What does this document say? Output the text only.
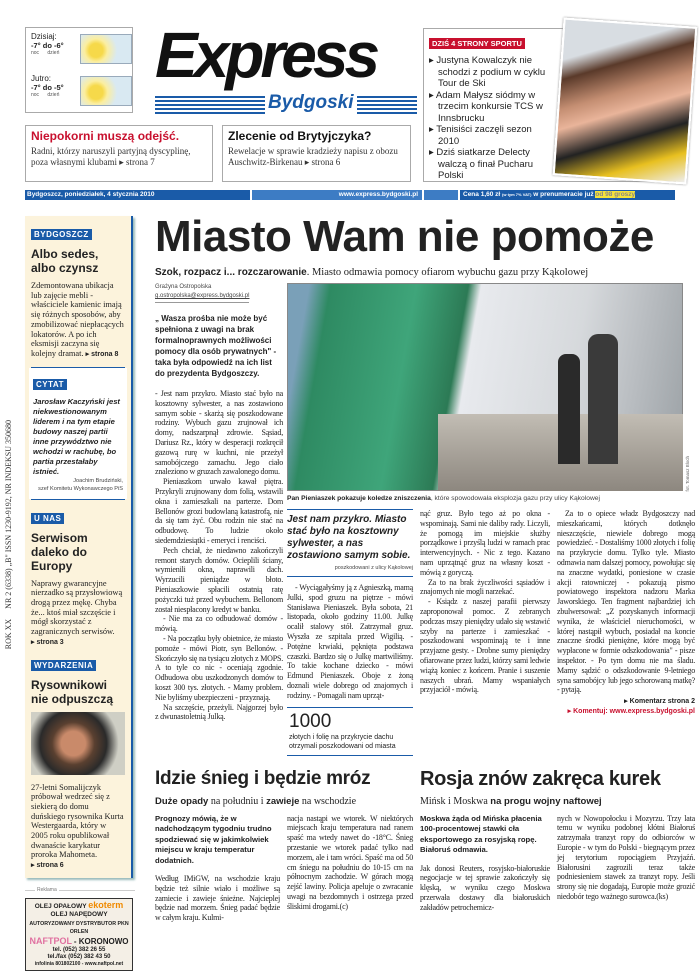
Dzisiaj:
-7° do -6°
noc dzień
Jutro:
-7° do -5°
noc dzień
Express
Bydgoski
Niepokorni muszą odejść.
Radni, którzy naruszyli partyjną dyscyplinę, poza własnymi klubami ▸ strona 7
Zlecenie od Brytyjczyka?
Rewelacje w sprawie kradzieży napisu z obozu Auschwitz-Birkenau ▸ strona 6
DZIŚ 4 STRONY SPORTU
▸ Justyna Kowalczyk nie schodzi z podium w cyklu Tour de Ski
▸ Adam Małysz siódmy w trzecim konkursie TCS w Innsbrucku
▸ Tenisiści zaczęli sezon 2010
▸ Dziś siatkarze Delecty walczą o finał Pucharu Polski
Bydgoszcz, poniedziałek, 4 stycznia 2010	www.express.bydgoski.pl	Cena 1,60 zł (w tym 7% VAT) w prenumeracie już od 98 groszy
ROK XX     NR 2 (6338) „B" ISSN 1230-9192, NR INDEKSU 350680
BYDGOSZCZ
Albo sedes, albo czynsz

Zdemontowana ubikacja lub zajęcie mebli - właściciele kamienic imają się różnych sposobów, aby zmobilizować niepłacących lokatorów. A po ich eksmisji zaczyna się kolejny dramat. ▸ strona 8

CYTAT

Jarosław Kaczyński jest niekwestionowanym liderem i na tym etapie budowy naszej partii inne przywództwo nie wchodzi w rachubę, bo partia przestałaby istnieć.

Joachim Brudziński,
szef Komitetu Wykonawczego PiS
U NAS
Serwisom daleko do Europy

Naprawy gwarancyjne nierzadko są przysłowiową drogą przez mękę. Chyba że... ktoś miał szczęście i mógł skorzystać z zagranicznych serwisów. ▸ strona 3

WYDARZENIA
Rysownikowi nie odpuszczą

27-letni Somalijczyk próbował wedrzeć się z siekierą do domu duńskiego rysownika Kurta Westergaarda, który w 2005 roku opublikował dwanaście karykatur proroka Mahometa. ▸ strona 6

Reklama
OLEJ OPAŁOWY ekoterm
OLEJ NAPĘDOWY
AUTORYZOWANY DYSTRYBUTOR PKN ORLEN
NAFTPOL - KORONOWO
tel. (052) 382 26 55
tel./fax (052) 382 43 50
infolinia 801802100 - www.naftpol.net
Miasto Wam nie pomoże
Szok, rozpacz i... rozczarowanie. Miasto odmawia pomocy ofiarom wybuchu gazu przy Kąkolowej
Grażyna Ostropolska
g.ostropolska@express.bydgoski.pl
„ Wasza prośba nie może być spełniona z uwagi na brak formalnoprawnych możliwości pomocy dla osób prywatnych" - taka była odpowiedź na ich list do prezydenta Bydgoszczy.

- Jest nam przykro. Miasto stać było na kosztowny sylwester, a nas zostawiono samym sobie - skarżą się poszkodowane rodziny. Wybuch gazu zrujnował ich domy, nadszarpnął zdrowie. Sąsiad, Dariusz Rz., który w desperacji rozkręcił gazową rurę w kuchni, nie przeżył samobójczego zamachu. Jego ciało znaleziono w gruzach zawalonego domu.

Pieniaszkom urwało kawał piętra. Przykryli zrujnowany dom folią, wstawili okna i zamieszkali na parterze. Dom Bellonów grozi budowlaną katastrofą, nie da się tam żyć. Obu rodzin nie stać na odbudowę. To ludzie około siedemdziesiątki - emeryci i renciści.

Pech chciał, że niedawno zakończyli remont starych domów. Ocieplili ściany, wymienili okna, naprawili dach. Wyrzucili pieniądze w błoto. Pieniaszkowie spłacili ostatnią ratę pożyczki tuż przed wybuchem. Bellonom został niespłacony kredyt w banku.

- Nie ma za co odbudować domów - mówią.

- Na początku były obietnice, że miasto pomoże - mówi Piotr, syn Bellonów. - Skończyło się na tysiącu złotych z MOPS. A to tyle co nic - oceniają zgodnie. Odbudowa obu uszkodzonych domów to koszt 300 tys. złotych. - Mamy problem. Nie byliśmy ubezpieczeni - przyznają.

Na szczęście, przeżyli. Najgorzej było z dwunastoletnią Julką.

fot. Tomasz Bloch
Pan Pieniaszek pokazuje koledze zniszczenia, które spowodowała eksplozja gazu przy ulicy Kąkolowej
Jest nam przykro. Miasto stać było na kosztowny sylwester, a nas zostawiono samym sobie.
poszkodowani z ulicy Kąkolowej

- Wyciągałyśmy ją z Agnieszką, mamą Julki, spod gruzu na piętrze - mówi Stanisława Pieniaszek. Była sobota, 21 listopada, około godziny 11.00. Julkę ocalił stalowy stół. Zatrzymał gruz. Wyszła ze szpitala przed Wigilią. - Potężne krwiaki, pęknięta podstawa czaszki. Bardzo się o Julkę martwiliśmy. To takie kochane dziecko - mówi Edmund Pieniaszek. Oboje z żoną doznali wiele dobrego od znajomych i rodziny. - Pomagali nam uprząt-

1000
złotych i folię na przykrycie dachu otrzymali poszkodowani od miasta

nąć gruz. Było tego aż po okna - wspominają. Sami nie daliby rady. Liczyli, że pomogą im miejskie służby porządkowe i przyślą ludzi w ramach prac interwencyjnych. - Nic z tego. Kazano nam uprzątnąć gruz na własny koszt - mówią z goryczą.

Za to na brak życzliwości sąsiadów i znajomych nie mogli narzekać.

- Ksiądz z naszej parafii pierwszy zaproponował pomoc. Z zebranych podczas mszy pieniędzy udało się wstawić szyby na parterze i zamieszkać - poszkodowani wspominają te i inne przyjazne gesty. - Drobne sumy pieniędzy ofiarowane przez ludzi, którzy sami ledwie wiążą koniec z końcem. Pranie i suszenie naszych ubrań. Mamy wspaniałych przyjaciół - mówią.

Za to o opiece władz Bydgoszczy nad mieszkańcami, których dotknęło nieszczęście, niewiele dobrego mogą powiedzieć. - Dostaliśmy 1000 złotych i folię na przykrycie domu. Tylko tyle. Miasto odmawia nam dalszej pomocy, powołując się na znaczne wydatki, poniesione w czasie akcji ratowniczej - pokazują pismo powiatowego inspektora nadzoru Marka Jaworskiego. Ten fragment najbardziej ich zbulwersował: „Z pozyskanych informacji wynika, że właściciel nieruchomości, w której nastąpił wybuch, posiadał na koncie znaczne środki pieniężne, które mogą być wypłacone w formie odszkodowania" - pisze inspektor. - Po tym domu nie ma śladu. Mamy sądzić o odszkodowanie 9-letniego syna samobójcy lub jego schorowaną matkę? - pytają.

▸ Komentarz strona 2
▸ Komentuj: www.express.bydgoski.pl
Idzie śnieg i będzie mróz
Duże opady na południu i zawieje na wschodzie
Prognozy mówią, że w nadchodzącym tygodniu trudno spodziewać się w jakimkolwiek miejscu w kraju temperatur dodatnich.
Według IMiGW, na wschodzie kraju będzie też silnie wiało i możliwe są zamiecie i zawieje śnieżne. Najcieplej będzie nad morzem. Śnieg padać będzie w całym kraju. Kulmi-
nacja nastąpi we wtorek. W niektórych miejscach kraju temperatura nad ranem spaść ma wtedy nawet do -18°C. Śnieg przestanie we wtorek padać tylko nad morzem, ale i tam wróci. Spaść ma od 50 cm śniegu na południu do 10-15 cm na północnym zachodzie. W górach mogą zejść lawiny. Policja apeluje o zwracanie uwagi na bezdomnych i ostrzega przed śliskimi drogami.(c)
Rosja znów zakręca kurek
Mińsk i Moskwa na progu wojny naftowej
Moskwa żąda od Mińska płacenia 100-procentowej stawki cła eksportowego za rosyjską ropę. Białoruś odmawia.
Jak donosi Reuters, rosyjsko-białoruskie negocjacje w tej sprawie zakończyły się klęską, w wyniku czego Moskwa przerwała dostawy dla białoruskich zakładów petrochemicz-
nych w Nowopołocku i Mozyrzu. Trzy lata temu w wyniku podobnej kłótni Białoruś zatrzymała tranzyt ropy do odbiorców w Europie - w tym do Polski - biegnącym przez jej terytorium ropociągiem Przyjaźń. Białorusini zagrozili teraz także podniesieniem stawek za tranzyt ropy. Jeśli strony się nie dogadają, Europie może grozić niedobór tego ważnego surowca.(ks)
